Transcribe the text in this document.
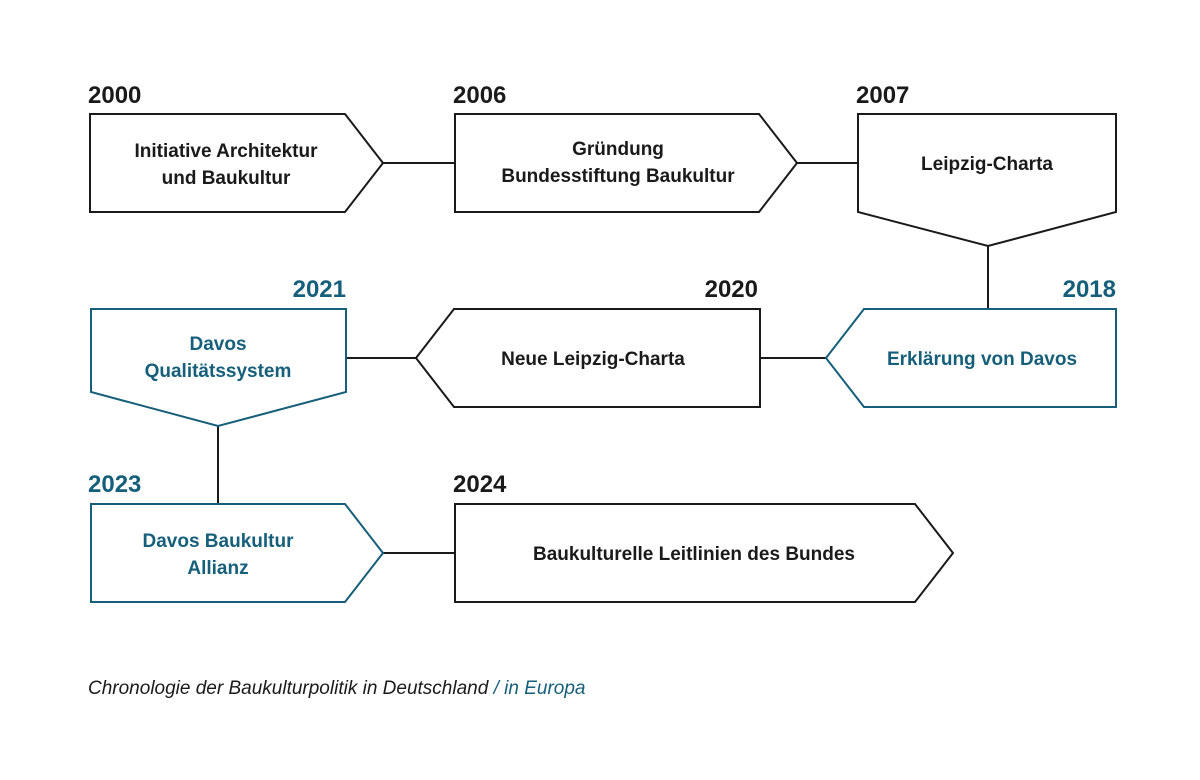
2000
Initiative Architektur
und Baukultur
2006
Gründung
Bundesstiftung Baukultur
2007
Leipzig-Charta
2018
Erklärung von Davos
2020
Neue Leipzig-Charta
2021
Davos
Qualitätssystem
2023
Davos Baukultur
Allianz
2024
Baukulturelle Leitlinien des Bundes
Chronologie der Baukulturpolitik in Deutschland / in Europa
